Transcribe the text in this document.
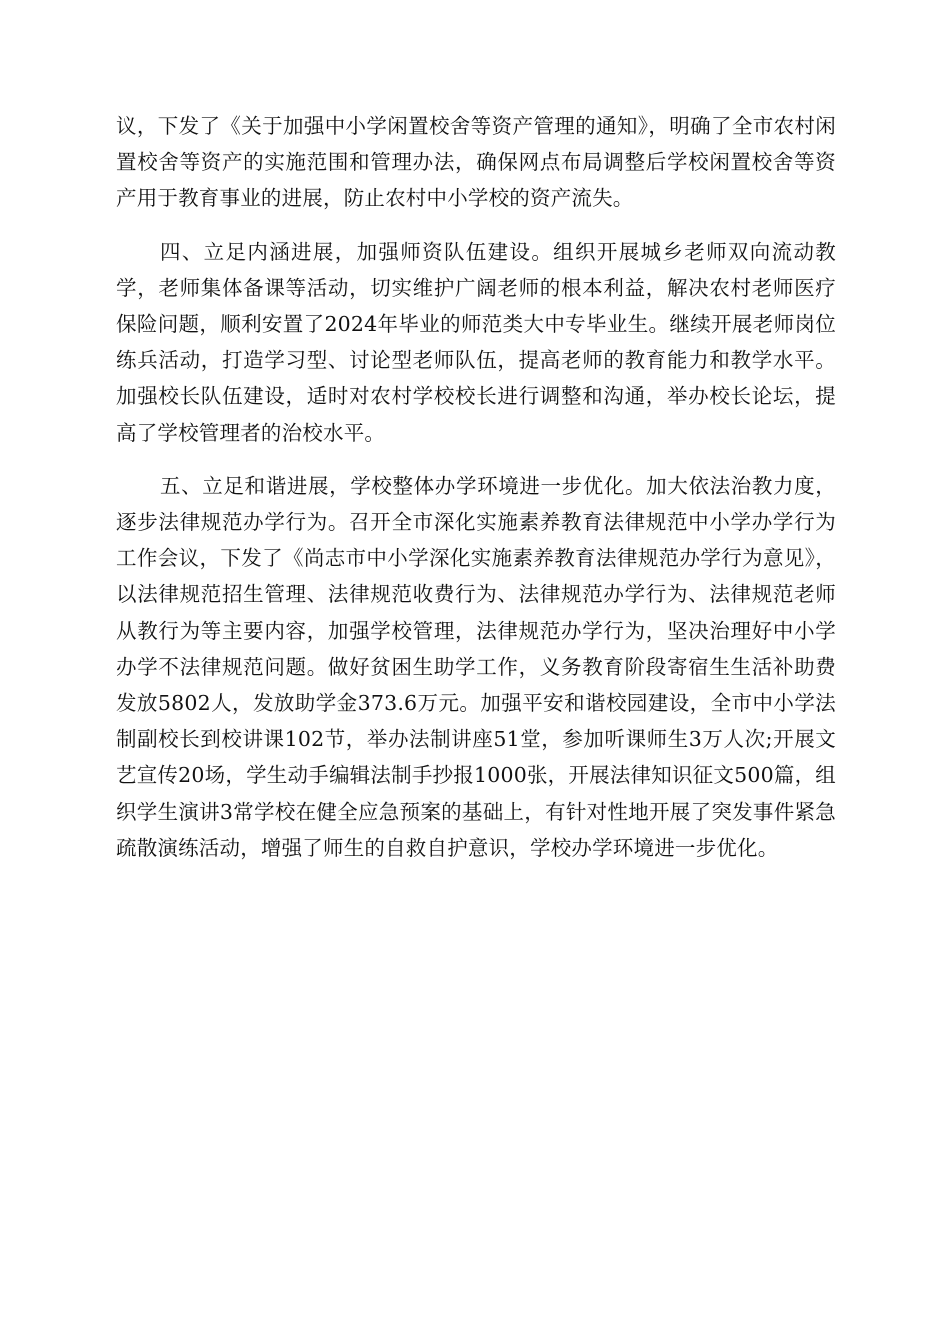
议，下发了《关于加强中小学闲置校舍等资产管理的通知》，明确了全市农村闲置校舍等资产的实施范围和管理办法，确保网点布局调整后学校闲置校舍等资产用于教育事业的进展，防止农村中小学校的资产流失。

四、立足内涵进展，加强师资队伍建设。组织开展城乡老师双向流动教学，老师集体备课等活动，切实维护广阔老师的根本利益，解决农村老师医疗保险问题，顺利安置了2024年毕业的师范类大中专毕业生。继续开展老师岗位练兵活动，打造学习型、讨论型老师队伍，提高老师的教育能力和教学水平。加强校长队伍建设，适时对农村学校校长进行调整和沟通，举办校长论坛，提高了学校管理者的治校水平。

五、立足和谐进展，学校整体办学环境进一步优化。加大依法治教力度，逐步法律规范办学行为。召开全市深化实施素养教育法律规范中小学办学行为工作会议，下发了《尚志市中小学深化实施素养教育法律规范办学行为意见》，以法律规范招生管理、法律规范收费行为、法律规范办学行为、法律规范老师从教行为等主要内容，加强学校管理，法律规范办学行为，坚决治理好中小学办学不法律规范问题。做好贫困生助学工作，义务教育阶段寄宿生生活补助费发放5802人，发放助学金373.6万元。加强平安和谐校园建设，全市中小学法制副校长到校讲课102节，举办法制讲座51堂，参加听课师生3万人次;开展文艺宣传20场，学生动手编辑法制手抄报1000张，开展法律知识征文500篇，组织学生演讲3常学校在健全应急预案的基础上，有针对性地开展了突发事件紧急疏散演练活动，增强了师生的自救自护意识，学校办学环境进一步优化。
